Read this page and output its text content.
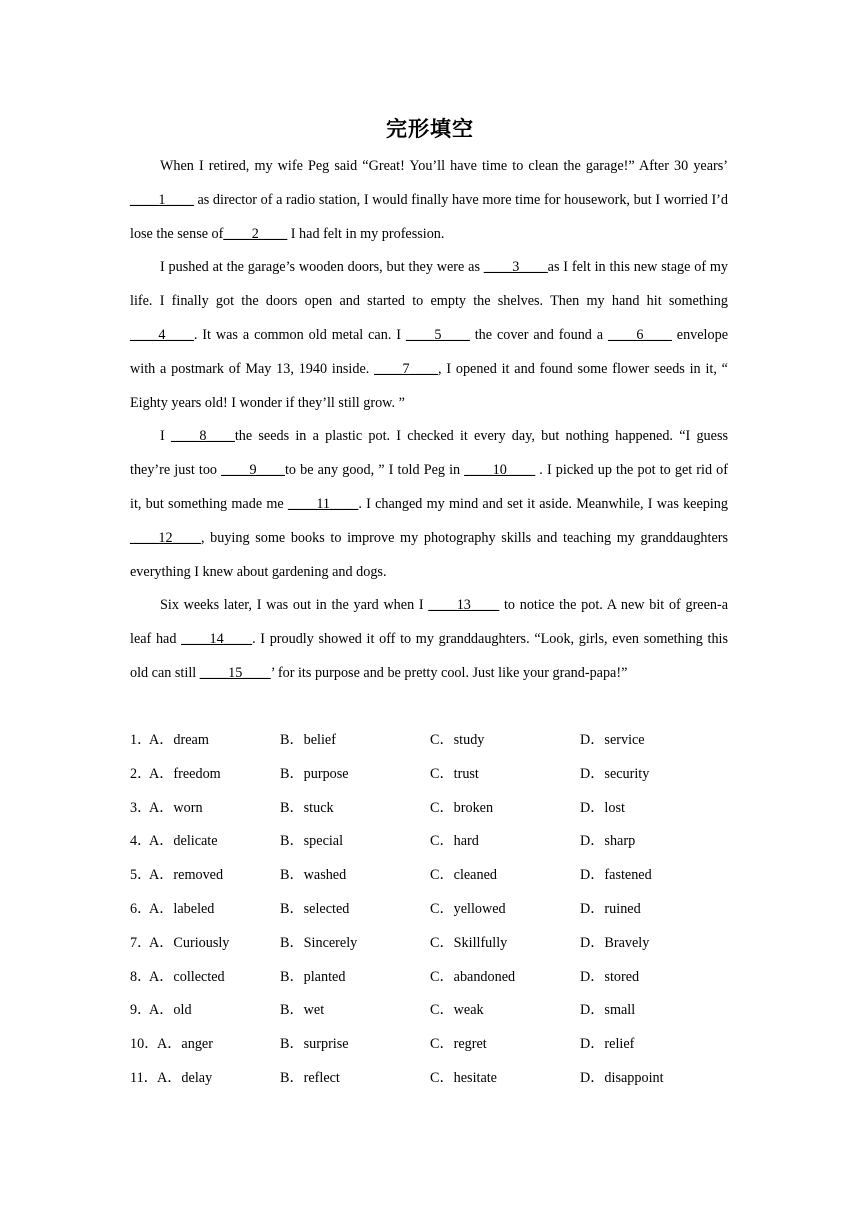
完形填空

When I retired, my wife Peg said “Great! You’ll have time to clean the garage!” After 30 years’ ____1____ as director of a radio station, I would finally have more time for housework, but I worried I’d lose the sense of____2____ I had felt in my profession.

I pushed at the garage’s wooden doors, but they were as ____3____as I felt in this new stage of my life. I finally got the doors open and started to empty the shelves. Then my hand hit something ____4____. It was a common old metal can. I ____5____ the cover and found a ____6____ envelope with a postmark of May 13, 1940 inside. ____7____, I opened it and found some flower seeds in it, “ Eighty years old! I wonder if they’ll still grow. ”

I ____8____the seeds in a plastic pot. I checked it every day, but nothing happened. “I guess they’re just too ____9____to be any good, ” I told Peg in ____10____ . I picked up the pot to get rid of it, but something made me ____11____. I changed my mind and set it aside. Meanwhile, I was keeping ____12____, buying some books to improve my photography skills and teaching my granddaughters everything I knew about gardening and dogs.

Six weeks later, I was out in the yard when I ____13____ to notice the pot. A new bit of green-a leaf had ____14____. I proudly showed it off to my granddaughters. “Look, girls, even something this old can still ____15____’ for its purpose and be pretty cool. Just like your grand-papa!”

1．
A．dream	B．belief	C．study	D．service
2．
A．freedom	B．purpose	C．trust	D．security
3．
A．worn	B．stuck	C．broken	D．lost
4．
A．delicate	B．special	C．hard	D．sharp
5．
A．removed	B．washed	C．cleaned	D．fastened
6．
A．labeled	B．selected	C．yellowed	D．ruined
7．
A．Curiously	B．Sincerely	C．Skillfully	D．Bravely
8．
A．collected	B．planted	C．abandoned	D．stored
9．
A．old	B．wet	C．weak	D．small
10．
A．anger	B．surprise	C．regret	D．relief
11． A．delay	B．reflect	C．hesitate	D．disappoint
